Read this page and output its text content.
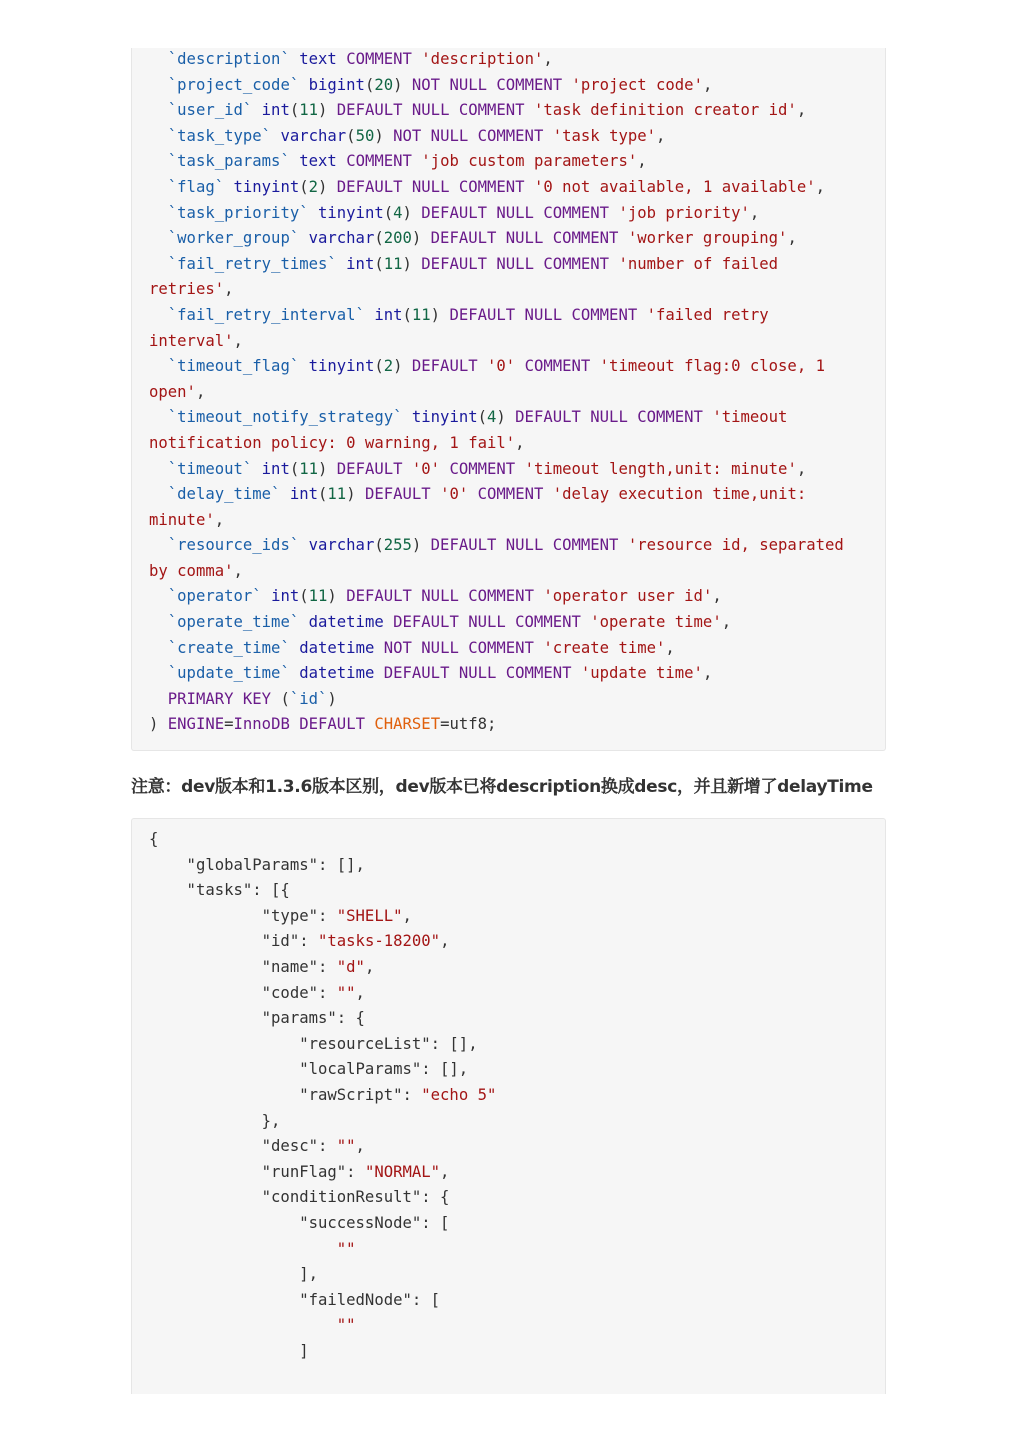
`description` text COMMENT 'description',
`project_code` bigint(20) NOT NULL COMMENT 'project code',
`user_id` int(11) DEFAULT NULL COMMENT 'task definition creator id',
`task_type` varchar(50) NOT NULL COMMENT 'task type',
`task_params` text COMMENT 'job custom parameters',
`flag` tinyint(2) DEFAULT NULL COMMENT '0 not available, 1 available',
`task_priority` tinyint(4) DEFAULT NULL COMMENT 'job priority',
`worker_group` varchar(200) DEFAULT NULL COMMENT 'worker grouping',
`fail_retry_times` int(11) DEFAULT NULL COMMENT 'number of failed
retries',
`fail_retry_interval` int(11) DEFAULT NULL COMMENT 'failed retry
interval',
`timeout_flag` tinyint(2) DEFAULT '0' COMMENT 'timeout flag:0 close, 1
open',
`timeout_notify_strategy` tinyint(4) DEFAULT NULL COMMENT 'timeout
notification policy: 0 warning, 1 fail',
`timeout` int(11) DEFAULT '0' COMMENT 'timeout length,unit: minute',
`delay_time` int(11) DEFAULT '0' COMMENT 'delay execution time,unit:
minute',
`resource_ids` varchar(255) DEFAULT NULL COMMENT 'resource id, separated
by comma',
`operator` int(11) DEFAULT NULL COMMENT 'operator user id',
`operate_time` datetime DEFAULT NULL COMMENT 'operate time',
`create_time` datetime NOT NULL COMMENT 'create time',
`update_time` datetime DEFAULT NULL COMMENT 'update time',
PRIMARY KEY (`id`)
) ENGINE=InnoDB DEFAULT CHARSET=utf8;

注意：dev版本和1.3.6版本区别，dev版本已将description换成desc，并且新增了delayTime

{
"globalParams": [],
"tasks": [{
"type": "SHELL",
"id": "tasks-18200",
"name": "d",
"code": "",
"params": {
"resourceList": [],
"localParams": [],
"rawScript": "echo 5"
},
"desc": "",
"runFlag": "NORMAL",
"conditionResult": {
"successNode": [
""
],
"failedNode": [
""
]
